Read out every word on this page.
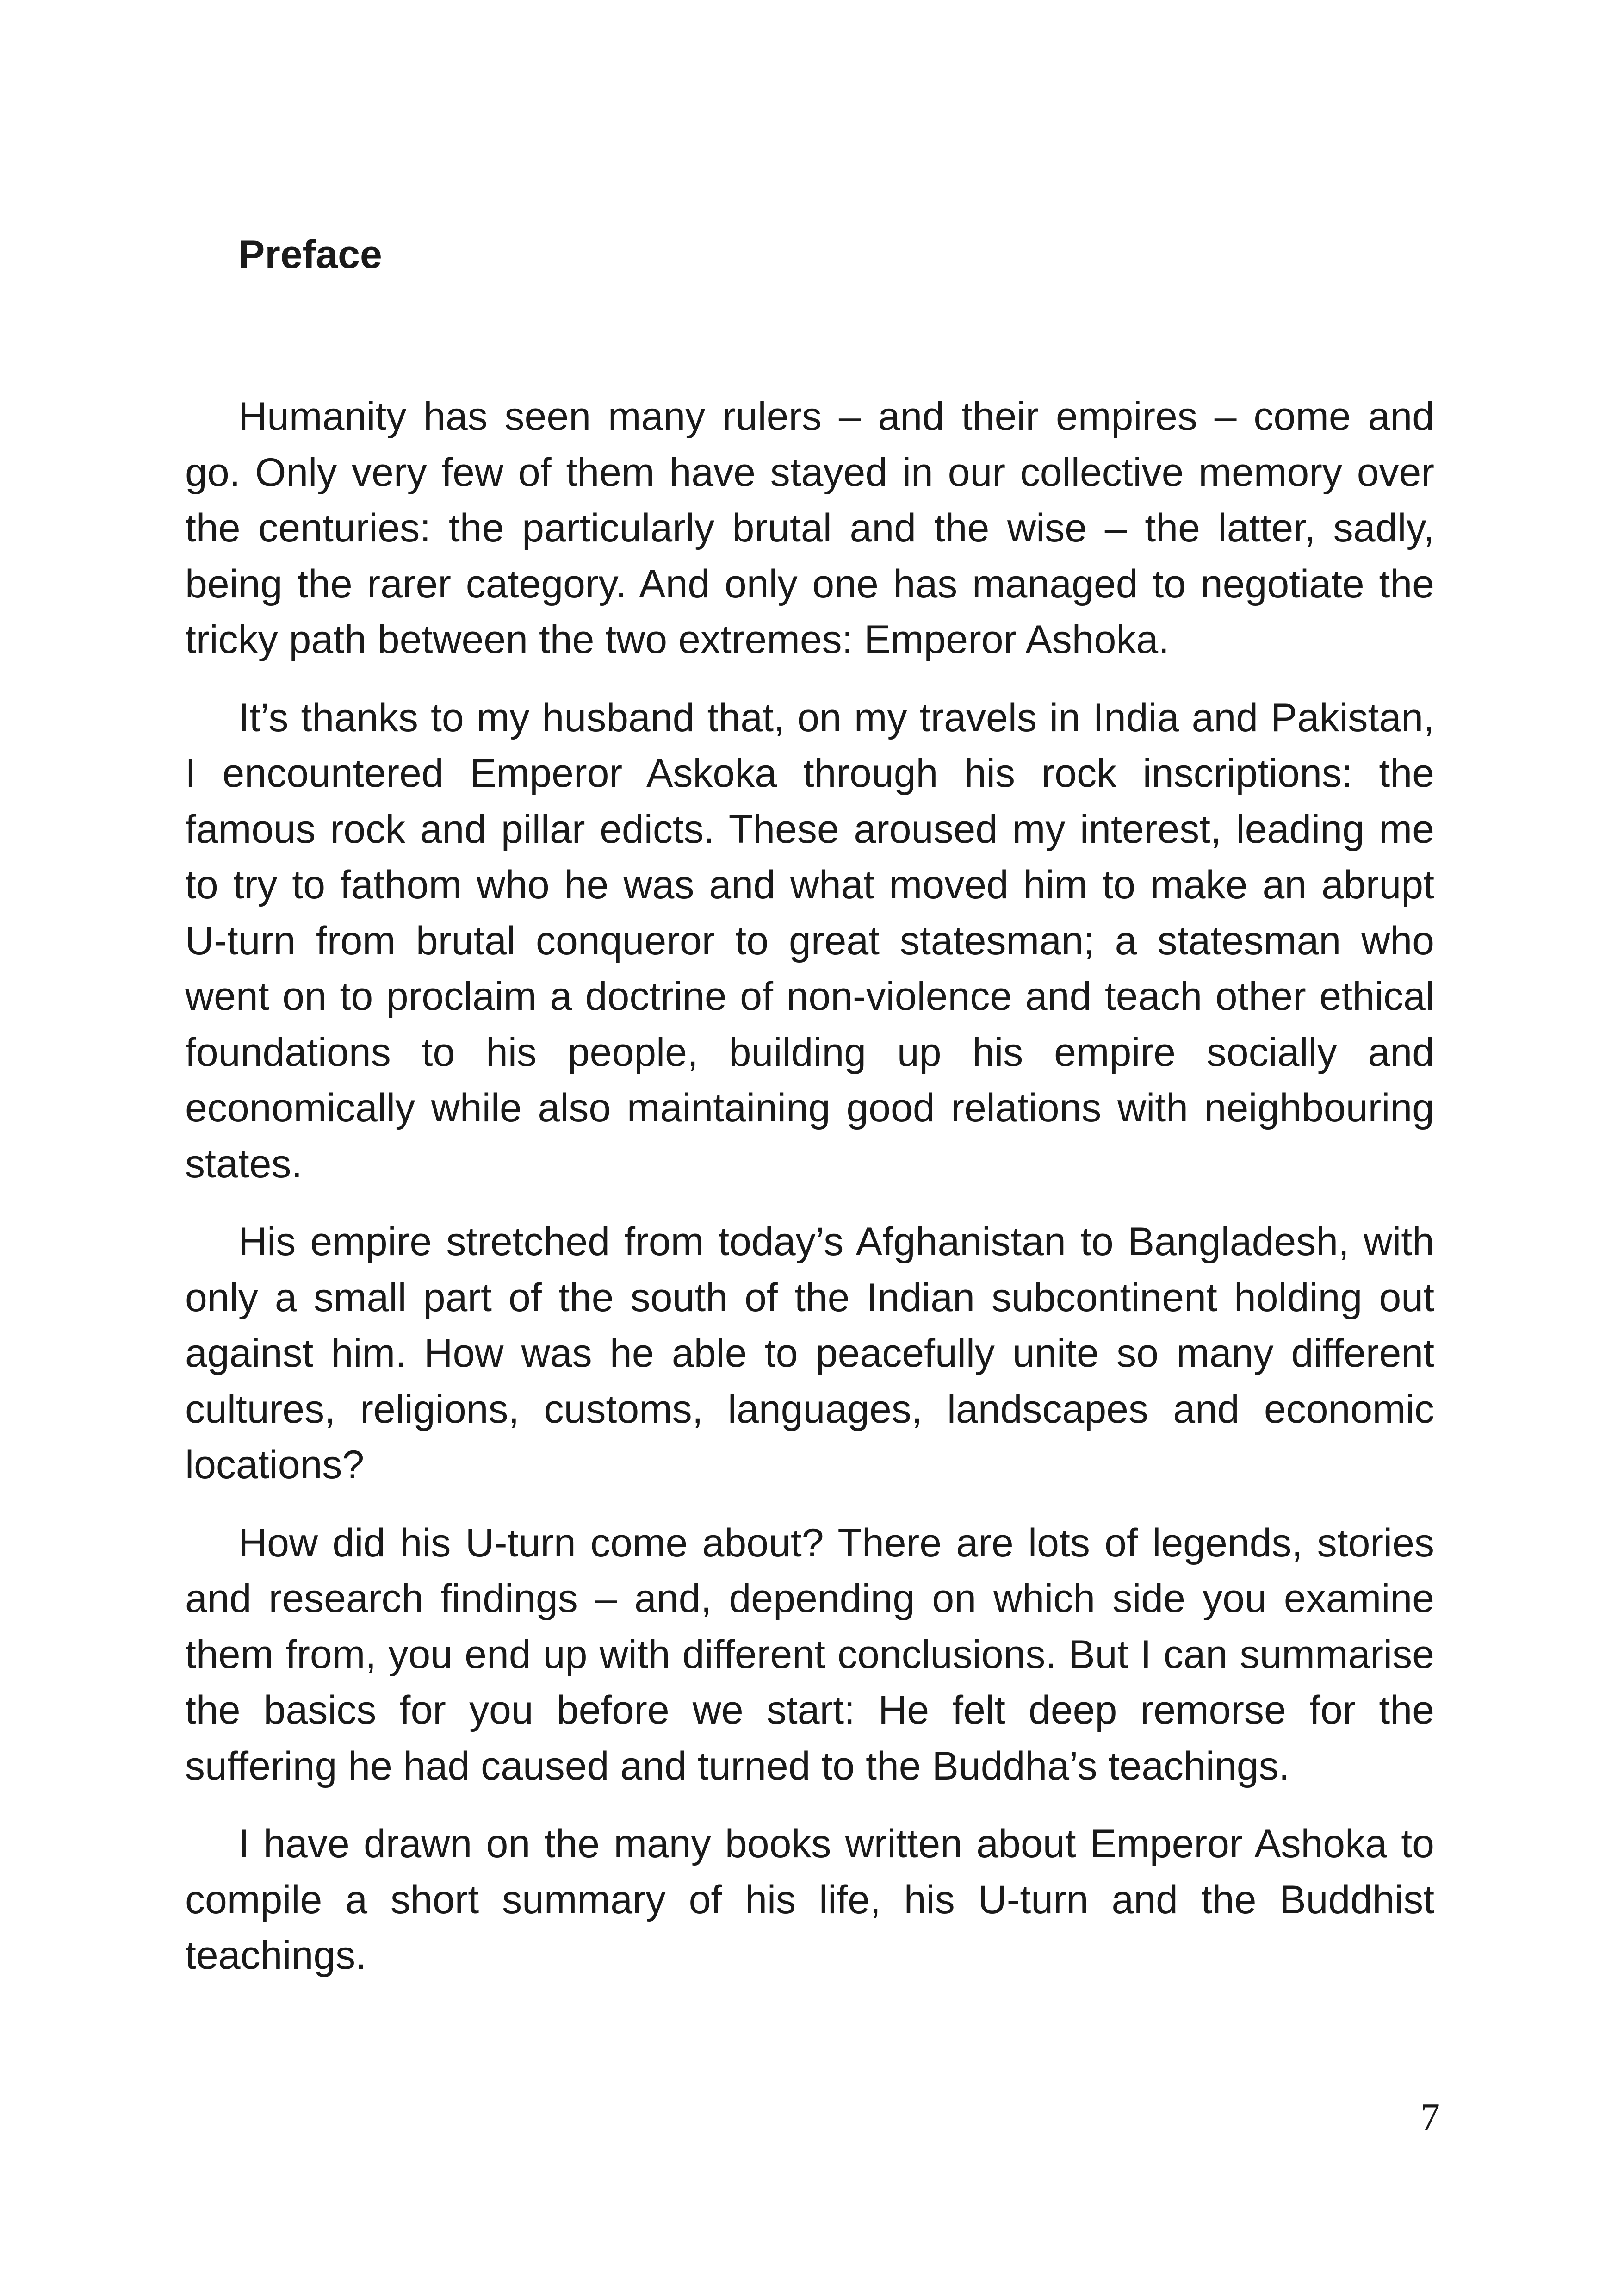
Preface

Humanity has seen many rulers – and their empires – come and go. Only very few of them have stayed in our collective memory over the centuries: the particularly brutal and the wise – the latter, sadly, being the rarer category. And only one has managed to negotiate the tricky path between the two extremes: Emperor Ashoka.

It’s thanks to my husband that, on my travels in India and Pakistan, I encountered Emperor Askoka through his rock inscriptions: the famous rock and pillar edicts. These aroused my interest, leading me to try to fathom who he was and what moved him to make an abrupt U-turn from brutal conqueror to great statesman; a statesman who went on to proclaim a doctrine of non-violence and teach other ethical foundations to his people, building up his empire socially and economically while also maintaining good relations with neighbouring states.

His empire stretched from today’s Afghanistan to Bangladesh, with only a small part of the south of the Indian subcontinent holding out against him. How was he able to peacefully unite so many different cultures, religions, customs, languages, landscapes and economic locations?

How did his U-turn come about? There are lots of legends, stories and research findings – and, depending on which side you examine them from, you end up with different conclusions. But I can summarise the basics for you before we start: He felt deep remorse for the suffering he had caused and turned to the Buddha’s teachings.

I have drawn on the many books written about Emperor Ashoka to compile a short summary of his life, his U-turn and the Buddhist teachings.

7
